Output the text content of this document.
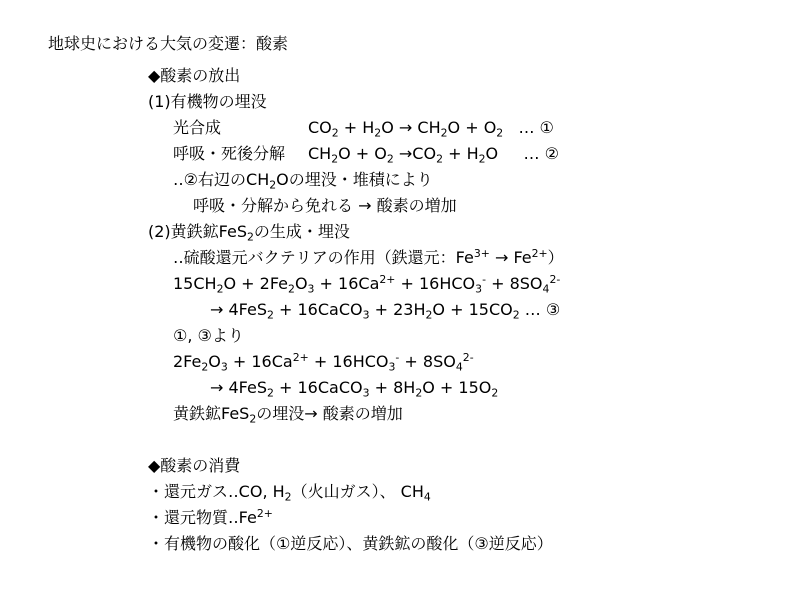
地球史における大気の変遷：酸素
◆酸素の放出
(1)有機物の埋没
光合成	$CO_2 + H_2O \to CH_2O + O_2$   … ①
呼吸・死後分解 $CH_2O + O_2 \to CO_2 + H_2O$     … ②
‥②右辺の$CH_2O$の埋没・堆積により
呼吸・分解から免れる → 酸素の増加
(2)黄鉄鉱FeS$_2$の生成・埋没
‥硫酸還元バクテリアの作用（鉄還元：$Fe^{3+} \to Fe^{2+}$）
$15CH_2O + 2Fe_2O_3 + 16Ca^{2+} + 16HCO_3^- + 8SO_4^{2-}$
→ 4FeS$_2$ + 16CaCO$_3$ + $23H_2O + 15CO_2$ … ③
①, ③より
$2Fe_2O_3 + 16Ca^{2+} + 16HCO_3^- + 8SO_4^{2-}$
→ 4FeS$_2$ + 16CaCO$_3$ + $8H_2O + 15O_2$
黄鉄鉱FeS$_2$の埋没→ 酸素の増加
◆酸素の消費
・還元ガス‥CO, $H_2$（火山ガス）、 $CH_4$
・還元物質$‥Fe^{2+}$
・有機物の酸化（①逆反応）、黄鉄鉱の酸化（③逆反応）
